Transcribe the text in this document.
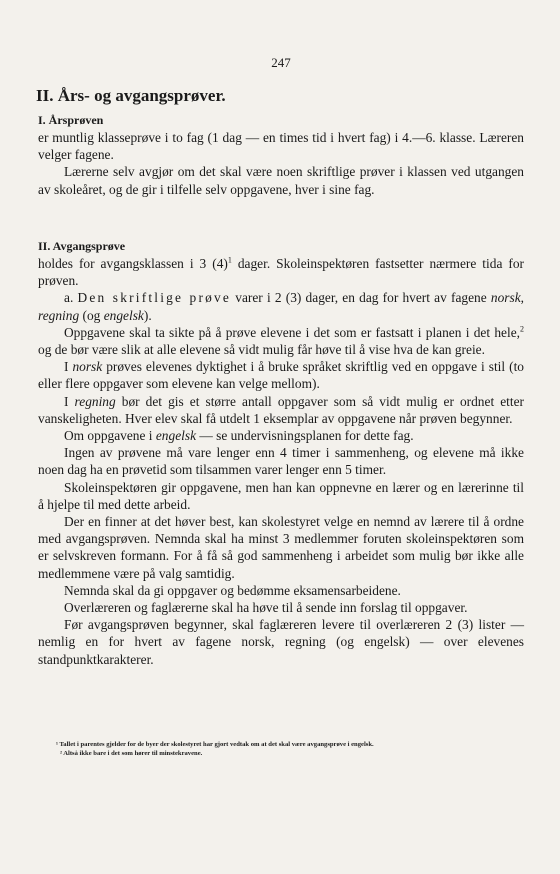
247
II. Års- og avgangsprøver.
I. Årsprøven

er muntlig klasseprøve i to fag (1 dag — en times tid i hvert fag) i 4.—6. klasse. Læreren velger fagene.

Lærerne selv avgjør om det skal være noen skriftlige prøver i klassen ved utgangen av skoleåret, og de gir i tilfelle selv oppgavene, hver i sine fag.

II. Avgangsprøve

holdes for avgangsklassen i 3 $(4)^1$ dager. Skoleinspektøren fastsetter nærmere tida for prøven.

a. Den skriftlige prøve varer i 2 (3) dager, en dag for hvert av fagene norsk, regning (og engelsk).

Oppgavene skal ta sikte på å prøve elevene i det som er fastsatt i planen i det hele,$^2$ og de bør være slik at alle elevene så vidt mulig får høve til å vise hva de kan greie.

I norsk prøves elevenes dyktighet i å bruke språket skriftlig ved en oppgave i stil (to eller flere oppgaver som elevene kan velge mellom).

I regning bør det gis et større antall oppgaver som så vidt mulig er ordnet etter vanskeligheten. Hver elev skal få utdelt 1 eksemplar av oppgavene når prøven begynner.

Om oppgavene i engelsk — se undervisningsplanen for dette fag.

Ingen av prøvene må vare lenger enn 4 timer i sammenheng, og elevene må ikke noen dag ha en prøvetid som tilsammen varer lenger enn 5 timer.

Skoleinspektøren gir oppgavene, men han kan oppnevne en lærer og en lærerinne til å hjelpe til med dette arbeid.

Der en finner at det høver best, kan skolestyret velge en nemnd av lærere til å ordne med avgangsprøven. Nemnda skal ha minst 3 medlemmer foruten skoleinspektøren som er selvskreven formann. For å få så god sammenheng i arbeidet som mulig bør ikke alle medlemmene være på valg samtidig.

Nemnda skal da gi oppgaver og bedømme eksamensarbeidene.

Overlæreren og faglærerne skal ha høve til å sende inn forslag til oppgaver.

Før avgangsprøven begynner, skal faglæreren levere til overlæreren 2 (3) lister — nemlig en for hvert av fagene norsk, regning (og engelsk) — over elevenes standpunktkarakterer.

¹ Tallet i parentes gjelder for de byer der skolestyret har gjort vedtak om at det skal være avgangsprøve i engelsk.
² Altså ikke bare i det som hører til minstekravene.
